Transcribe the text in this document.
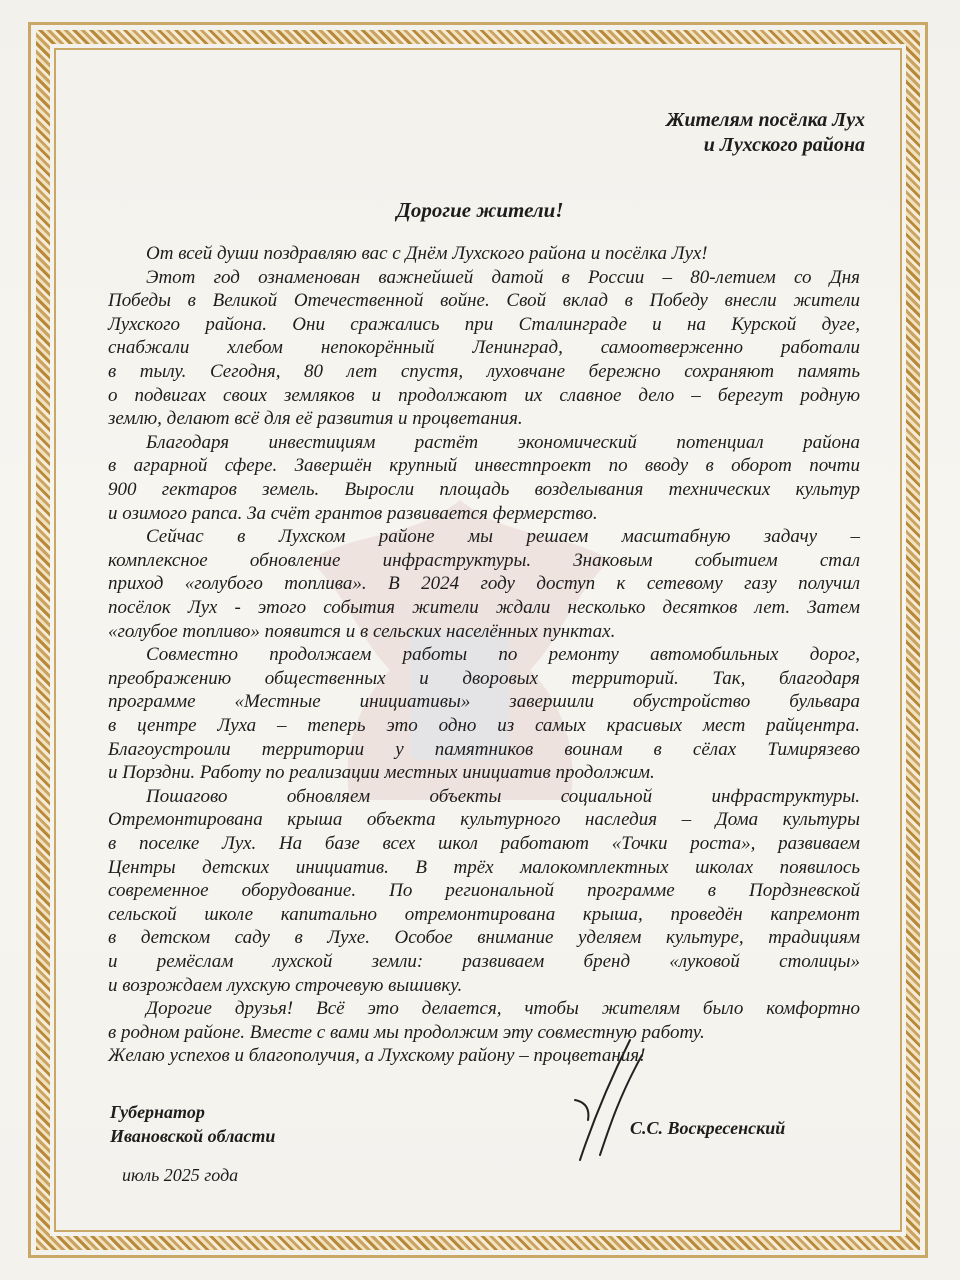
Жителям посёлка Лух
и Лухского района
Дорогие жители!
От всей души поздравляю вас с Днём Лухского района и посёлка Лух!
Этот год ознаменован важнейшей датой в России – 80-летием со Дня
Победы в Великой Отечественной войне. Свой вклад в Победу внесли жители
Лухского района. Они сражались при Сталинграде и на Курской дуге,
снабжали хлебом непокорённый Ленинград, самоотверженно работали
в тылу. Сегодня, 80 лет спустя, луховчане бережно сохраняют память
о подвигах своих земляков и продолжают их славное дело – берегут родную
землю, делают всё для её развития и процветания.
Благодаря инвестициям растёт экономический потенциал района
в аграрной сфере. Завершён крупный инвестпроект по вводу в оборот почти
900 гектаров земель. Выросли площадь возделывания технических культур
и озимого рапса. За счёт грантов развивается фермерство.
Сейчас в Лухском районе мы решаем масштабную задачу –
комплексное обновление инфраструктуры. Знаковым событием стал
приход «голубого топлива». В 2024 году доступ к сетевому газу получил
посёлок Лух - этого события жители ждали несколько десятков лет. Затем
«голубое топливо» появится и в сельских населённых пунктах.
Совместно продолжаем работы по ремонту автомобильных дорог,
преображению общественных и дворовых территорий. Так, благодаря
программе «Местные инициативы» завершили обустройство бульвара
в центре Луха – теперь это одно из самых красивых мест райцентра.
Благоустроили территории у памятников воинам в сёлах Тимирязево
и Порздни. Работу по реализации местных инициатив продолжим.
Пошагово обновляем объекты социальной инфраструктуры.
Отремонтирована крыша объекта культурного наследия – Дома культуры
в поселке Лух. На базе всех школ работают «Точки роста», развиваем
Центры детских инициатив. В трёх малокомплектных школах появилось
современное оборудование. По региональной программе в Пордзневской
сельской школе капитально отремонтирована крыша, проведён капремонт
в детском саду в Лухе. Особое внимание уделяем культуре, традициям
и ремёслам лухской земли: развиваем бренд «луковой столицы»
и возрождаем лухскую строчевую вышивку.
Дорогие друзья! Всё это делается, чтобы жителям было комфортно
в родном районе. Вместе с вами мы продолжим эту совместную работу.
Желаю успехов и благополучия, а Лухскому району – процветания!
Губернатор
Ивановской области	С.С. Воскресенский
июль 2025 года
